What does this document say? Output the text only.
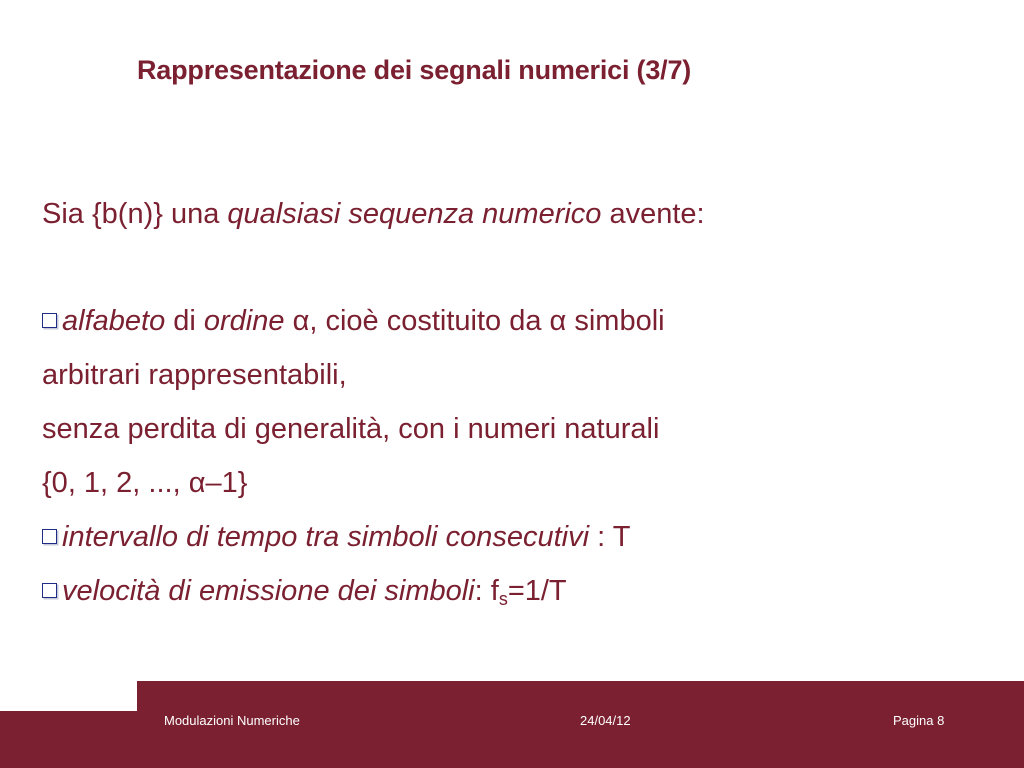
Rappresentazione dei segnali numerici (3/7)
Sia {b(n)} una qualsiasi sequenza numerico avente:
alfabeto di ordine α, cioè costituito da α simboli
arbitrari rappresentabili,
senza perdita di generalità, con i numeri naturali
{0, 1, 2, ..., α–1}
intervallo di tempo tra simboli consecutivi : T
velocità di emissione dei simboli: $f_s=1/T$
Modulazioni Numeriche	24/04/12	Pagina 8
